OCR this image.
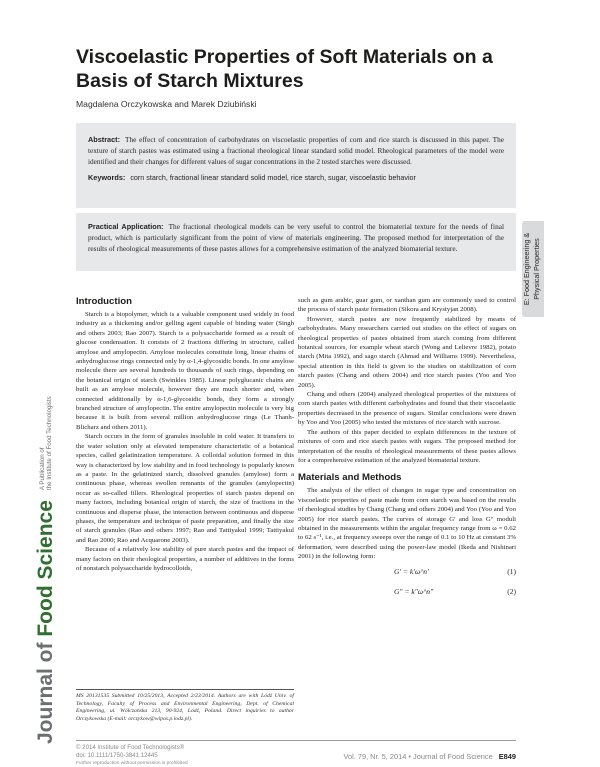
Viscoelastic Properties of Soft Materials on a Basis of Starch Mixtures
Magdalena Orczykowska and Marek Dziubiński

Abstract: The effect of concentration of carbohydrates on viscoelastic properties of corn and rice starch is discussed in this paper. The texture of starch pastes was estimated using a fractional rheological linear standard solid model. Rheological parameters of the model were identified and their changes for different values of sugar concentrations in the 2 tested starches were discussed.

Keywords: corn starch, fractional linear standard solid model, rice starch, sugar, viscoelastic behavior

Practical Application: The fractional rheological models can be very useful to control the biomaterial texture for the needs of final product, which is particularly significant from the point of view of materials engineering. The proposed method for interpretation of the results of rheological measurements of these pastes allows for a comprehensive estimation of the analyzed biomaterial texture.	E: Food Engineering & Physical Properties
Introduction

Starch is a biopolymer, which is a valuable component used widely in food industry as a thickening and/or gelling agent capable of binding water (Singh and others 2003; Rao 2007). Starch is a polysaccharide formed as a result of glucose condensation. It consists of 2 fractions differing in structure, called amylose and amylopectin. Amylose molecules constitute long, linear chains of anhydroglucose rings connected only by α-1,4-glycosidic bonds. In one amylose molecule there are several hundreds to thousands of such rings, depending on the botanical origin of starch (Swinkles 1985). Linear polyglucanic chains are built as an amylose molecule, however they are much shorter and, when connected additionally by α-1,6-glycosidic bonds, they form a strongly branched structure of amylopectin. The entire amylopectin molecule is very big because it is built from several million anhydroglucose rings (Le Thanh-Blicharz and others 2011).

Starch occurs in the form of granules insoluble in cold water. It transfers to the water solution only at elevated temperature characteristic of a botanical species, called gelatinization temperature. A colloidal solution formed in this way is characterized by low stability and in food technology is popularly known as a paste. In the gelatinized starch, dissolved granules (amylose) form a continuous phase, whereas swollen remnants of the granules (amylopectin) occur as so-called fillers. Rheological properties of starch pastes depend on many factors, including botanical origin of starch, the size of fractions in the continuous and disperse phase, the interaction between continuous and disperse phases, the temperature and technique of paste preparation, and finally the size of starch granules (Rao and others 1997; Rao and Tattiyakul 1999; Tattiyakul and Rao 2000; Rao and Acquarone 2003).

Because of a relatively low stability of pure starch pastes and the impact of many factors on their rheological properties, a number of additives in the forms of nonstarch polysaccharide hydrocolloids,

MS 20131535 Submitted 10/25/2013, Accepted 2/23/2014. Authors are with Lódź Univ. of Technology, Faculty of Process and Environmental Engineering, Dept. of Chemical Engineering, ul. Wólczańska 213, 90-924, Lódź, Poland. Direct inquiries to author Orczykowska (E-mail: orczykow@wipos.p.lodz.pl).

such as gum arabic, guar gum, or xanthan gum are commonly used to control the process of starch paste formation (Sikora and Krystyjan 2008).

However, starch pastes are now frequently stabilized by means of carbohydrates. Many researchers carried out studies on the effect of sugars on rheological properties of pastes obtained from starch coming from different botanical sources, for example wheat starch (Wong and Lelievre 1982), potato starch (Mita 1992), and sago starch (Ahmad and Williams 1999). Nevertheless, special attention in this field is given to the studies on stabilization of corn starch pastes (Chang and others 2004) and rice starch pastes (Yoo and Yoo 2005).

Chang and others (2004) analyzed rheological properties of the mixtures of corn starch pastes with different carbohydrates and found that their viscoelastic properties decreased in the presence of sugars. Similar conclusions were drawn by Yoo and Yoo (2005) who tested the mixtures of rice starch with sucrose.

The authors of this paper decided to explain differences in the texture of mixtures of corn and rice starch pastes with sugars. The proposed method for interpretation of the results of rheological measurements of these pastes allows for a comprehensive estimation of the analyzed biomaterial texture.

Materials and Methods

The analysis of the effect of changes in sugar type and concentration on viscoelastic properties of paste made from corn starch was based on the results of rheological studies by Chang (Chang and others 2004) and Yoo (Yoo and Yoo 2005) for rice starch pastes. The curves of storage G′ and loss G″ moduli obtained in the measurements within the angular frequency range from ω = 0.62 to 62 s⁻¹, i.e., at frequency sweeps over the range of 0.1 to 10 Hz at constant 3% deformation, were described using the power-law model (Ikeda and Nishinari 2001) in the following form:

G′ = k′ω^n′	(1)
G″ = k″ω^n″	(2)
© 2014 Institute of Food Technologists®
doi: 10.1111/1750-3841.12445
Further reproduction without permission is prohibited
Vol. 79, Nr. 5, 2014 • Journal of Food Science E849
Journal of Food Science
A Publication of the Institute of Food Technologists
